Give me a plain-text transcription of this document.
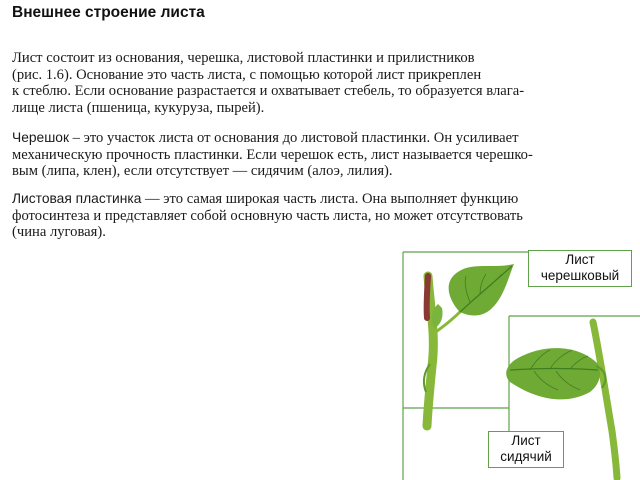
Внешнее строение листа

Лист состоит из основания, черешка, листовой пластинки и прилистников
(рис. 1.6). Основание это часть листа, с помощью которой лист прикреплен
к стеблю. Если основание разрастается и охватывает стебель, то образуется влага-
лище листа (пшеница, кукуруза, пырей).

Черешок – это участок листа от основания до листовой пластинки. Он усиливает
механическую прочность пластинки. Если черешок есть, лист называется черешко-
вым (липа, клен), если отсутствует — сидячим (алоэ, лилия).

Листовая пластинка — это самая широкая часть листа. Она выполняет функцию
фотосинтеза и представляет собой основную часть листа, но может отсутствовать
(чина луговая).

Лист
черешковый
Лист
сидячий
